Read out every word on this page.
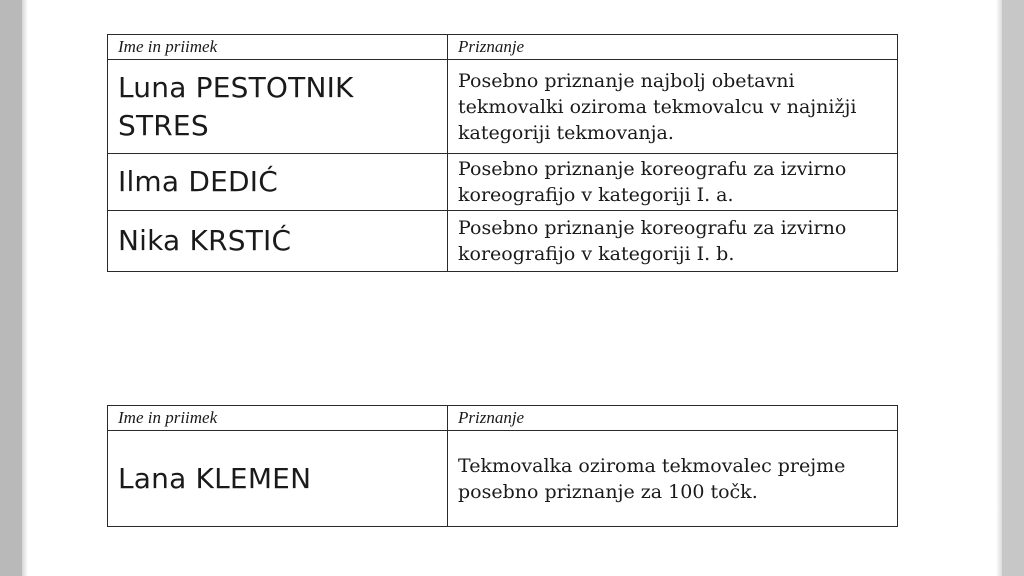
Ime in priimek	Priznanje
Luna PESTOTNIK
STRES	Posebno priznanje najbolj obetavni tekmovalki oziroma tekmovalcu v najnižji kategoriji tekmovanja.
Ilma DEDIĆ	Posebno priznanje koreografu za izvirno koreografijo v kategoriji I. a.
Nika KRSTIĆ	Posebno priznanje koreografu za izvirno koreografijo v kategoriji I. b.
Ime in priimek	Priznanje
Lana KLEMEN	Tekmovalka oziroma tekmovalec prejme posebno priznanje za 100 točk.
